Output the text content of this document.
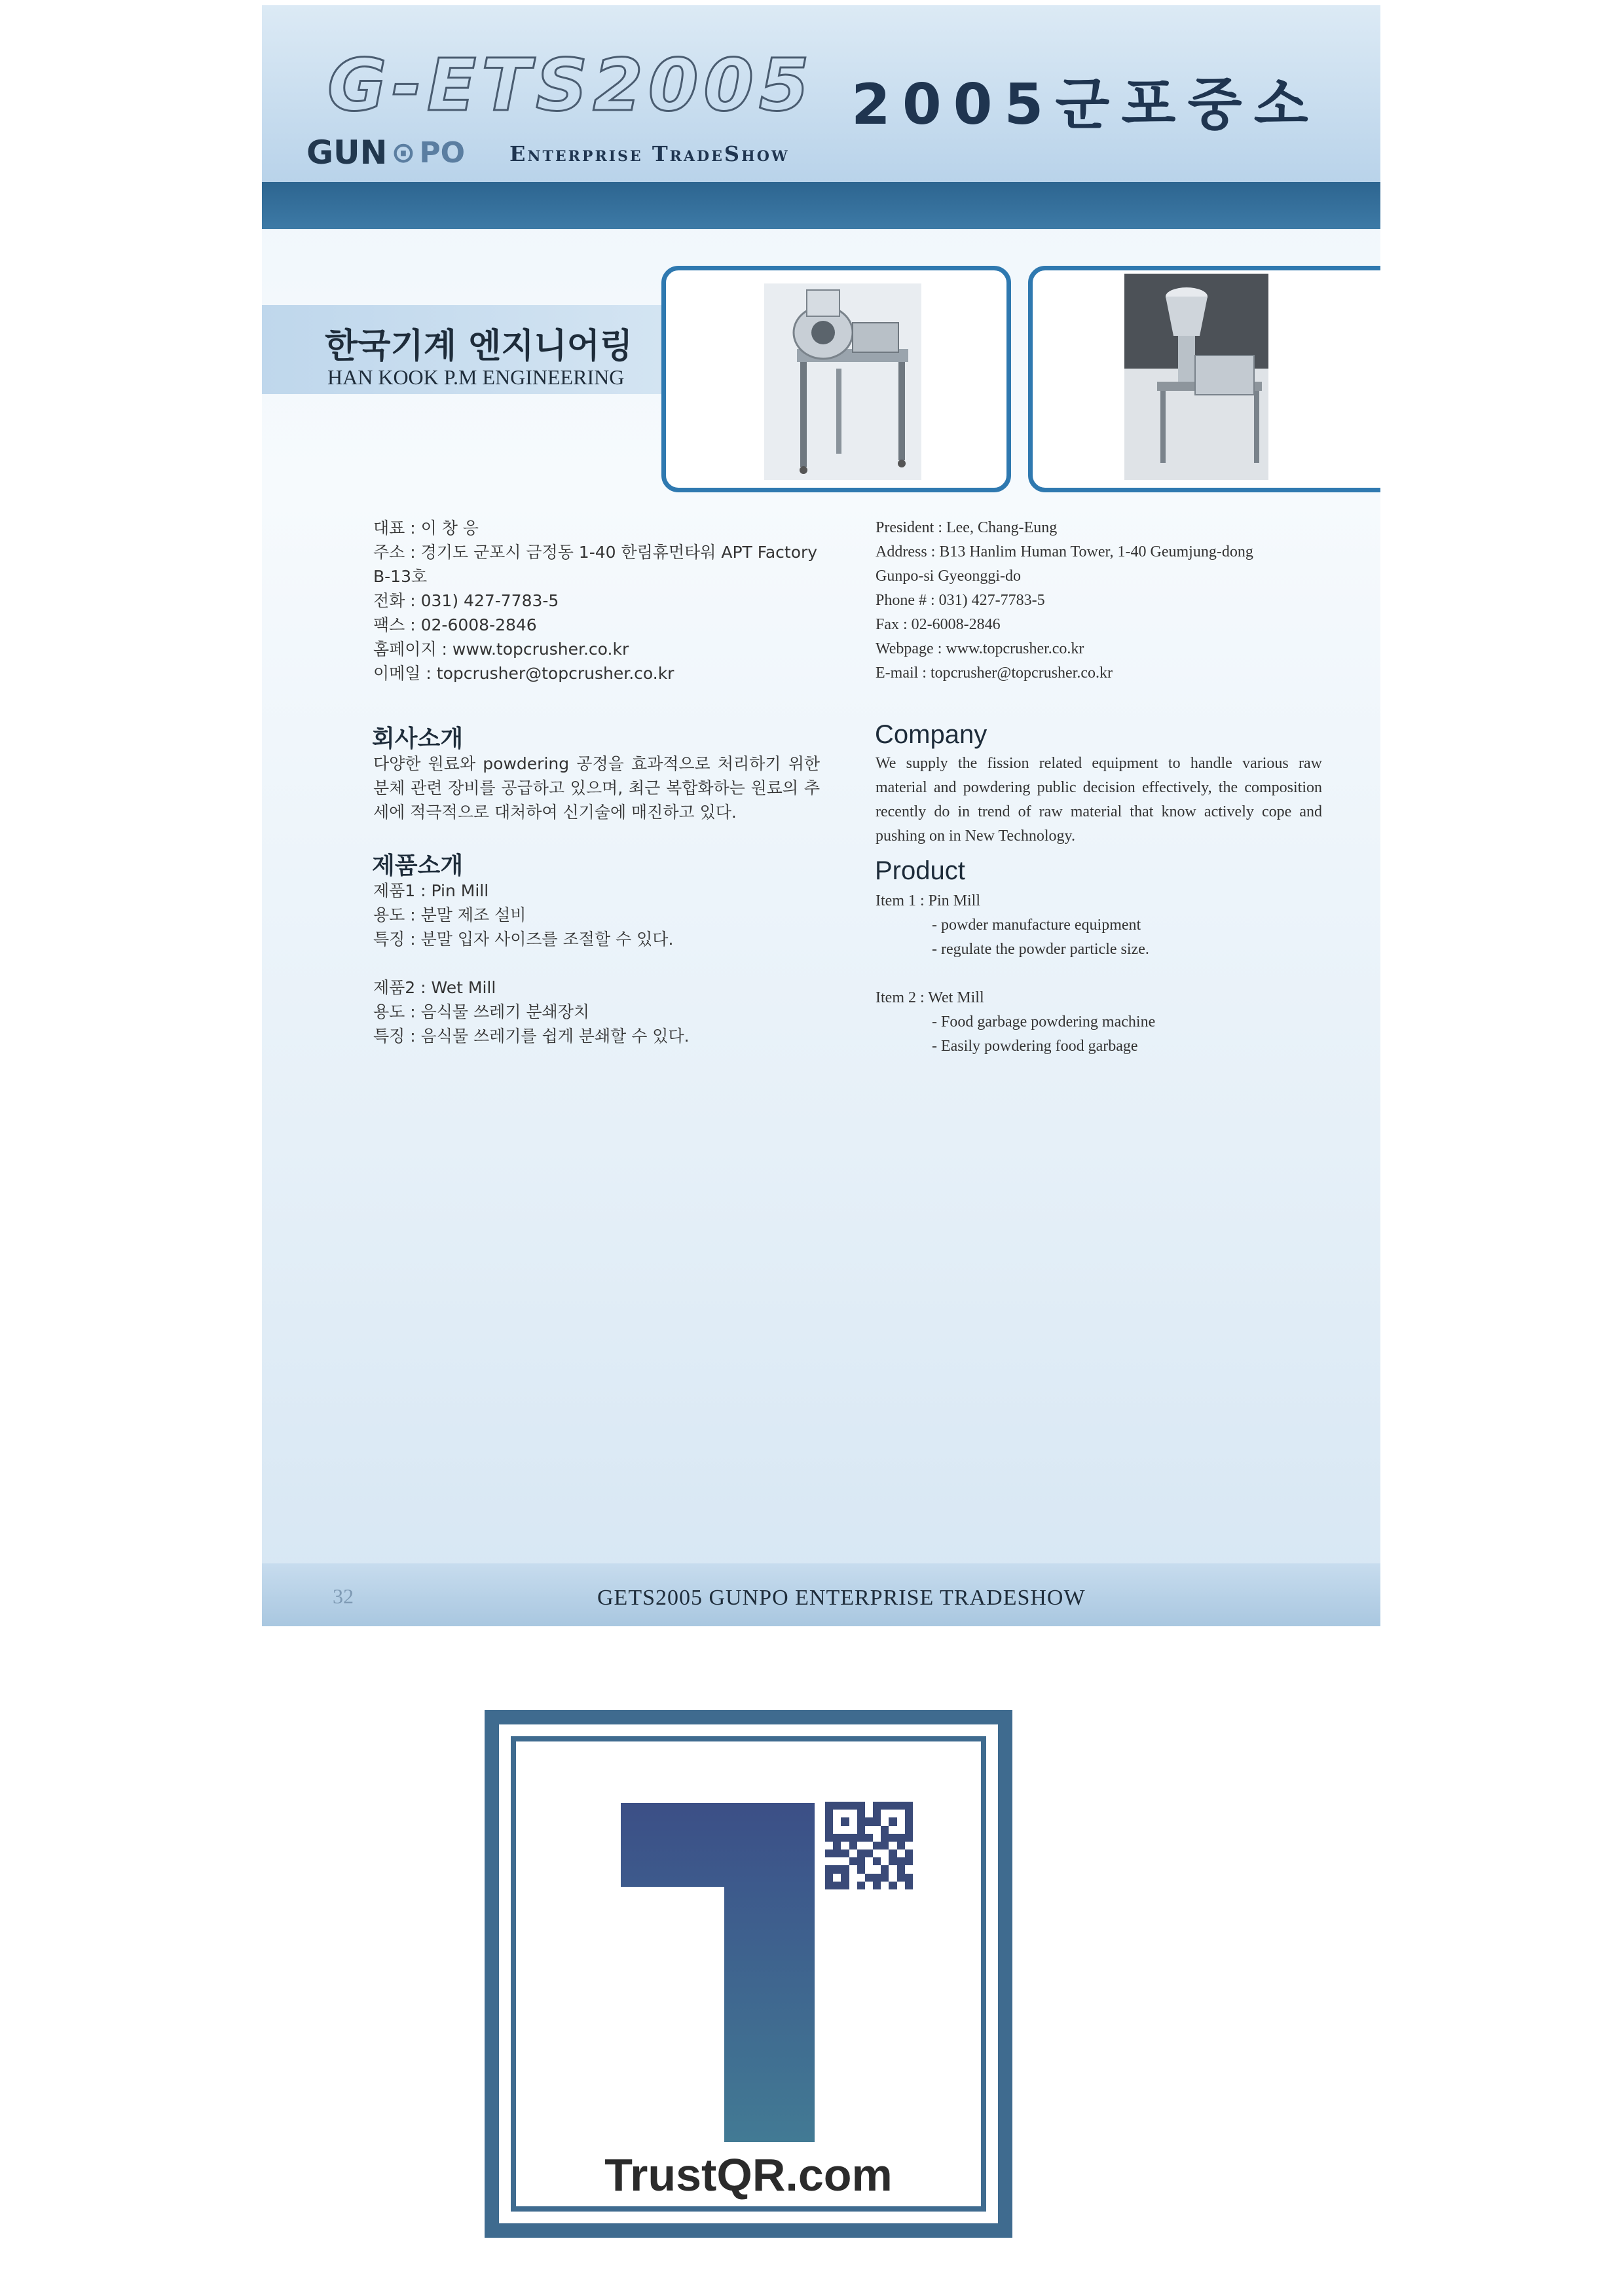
G-ETS2005 2005군포중소
GUN ⊙ PO Enterprise TradeShow
한국기계 엔지니어링
HAN KOOK P.M ENGINEERING
대표 : 이 창 응
주소 : 경기도 군포시 금정동 1-40 한림휴먼타워 APT Factory
B-13호
전화 : 031) 427-7783-5
팩스 : 02-6008-2846
홈페이지 : www.topcrusher.co.kr
이메일 : topcrusher@topcrusher.co.kr
President : Lee, Chang-Eung
Address : B13 Hanlim Human Tower, 1-40 Geumjung-dong
Gunpo-si Gyeonggi-do
Phone # : 031) 427-7783-5
Fax : 02-6008-2846
Webpage : www.topcrusher.co.kr
E-mail : topcrusher@topcrusher.co.kr
회사소개
다양한 원료와 powdering 공정을 효과적으로 처리하기 위한 분체 관련 장비를 공급하고 있으며, 최근 복합화하는 원료의 추세에 적극적으로 대처하여 신기술에 매진하고 있다.
Company
We supply the fission related equipment to handle various raw material and powdering public decision effectively, the composition recently do in trend of raw material that know actively cope and pushing on in New Technology.
제품소개
제품1 : Pin Mill
용도 : 분말 제조 설비
특징 : 분말 입자 사이즈를 조절할 수 있다.
제품2 : Wet Mill
용도 : 음식물 쓰레기 분쇄장치
특징 : 음식물 쓰레기를 쉽게 분쇄할 수 있다.
Product
Item 1 : Pin Mill
- powder manufacture equipment
- regulate the powder particle size.
Item 2 : Wet Mill
- Food garbage powdering machine
- Easily powdering food garbage
32	GETS2005 GUNPO ENTERPRISE TRADESHOW
TrustQR.com
